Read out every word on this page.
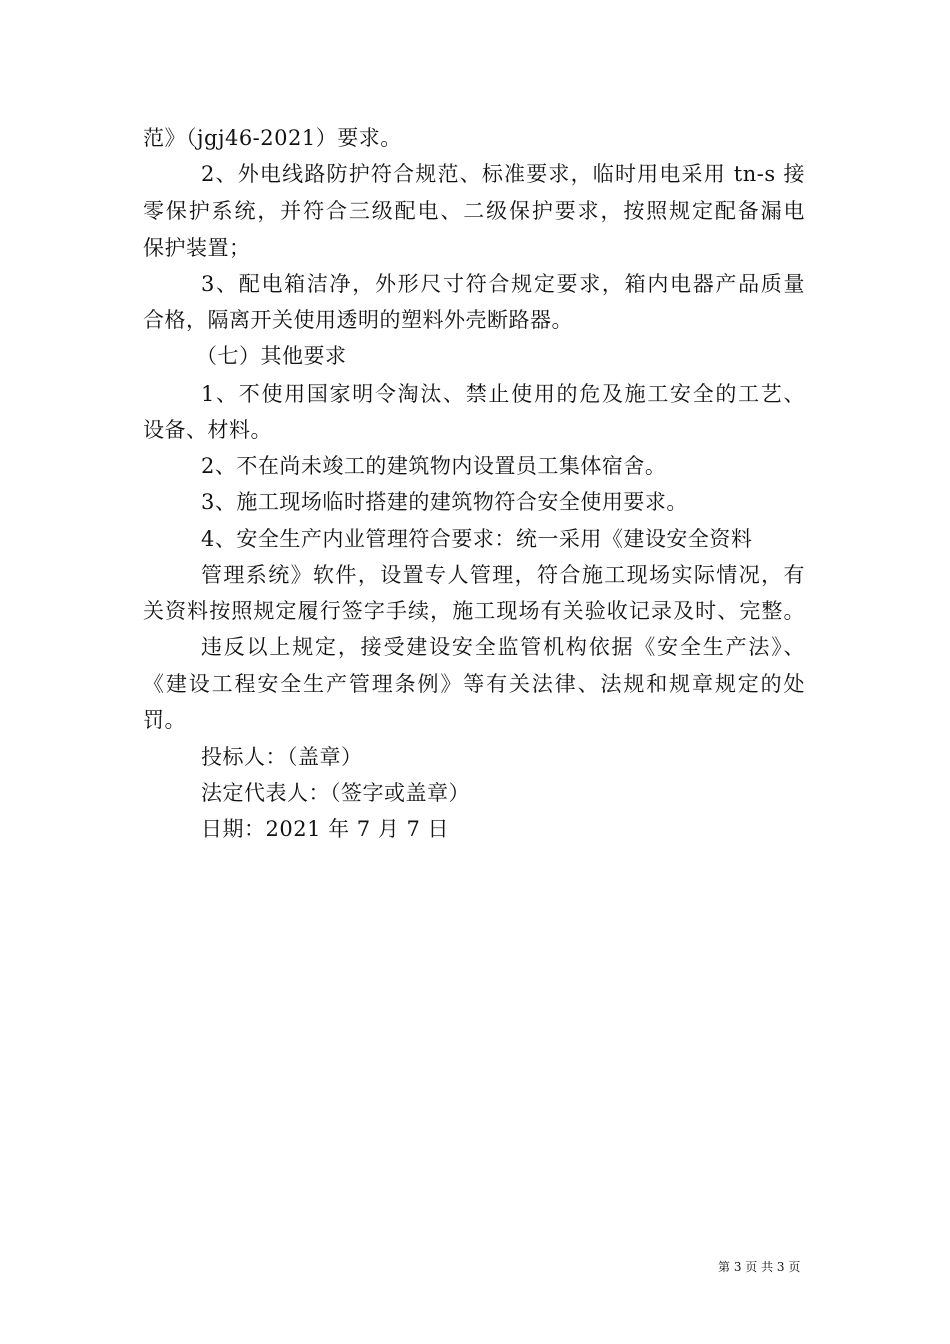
范》（jgj46-2021）要求。
2、外电线路防护符合规范、标准要求，临时用电采用 tn-s 接
零保护系统，并符合三级配电、二级保护要求，按照规定配备漏电
保护装置；
3、配电箱洁净，外形尺寸符合规定要求，箱内电器产品质量
合格，隔离开关使用透明的塑料外壳断路器。
（七）其他要求
1、不使用国家明令淘汰、禁止使用的危及施工安全的工艺、
设备、材料。
2、不在尚未竣工的建筑物内设置员工集体宿舍。
3、施工现场临时搭建的建筑物符合安全使用要求。
4、安全生产内业管理符合要求：统一采用《建设安全资料
管理系统》软件，设置专人管理，符合施工现场实际情况，有
关资料按照规定履行签字手续，施工现场有关验收记录及时、完整。
违反以上规定，接受建设安全监管机构依据《安全生产法》、
《建设工程安全生产管理条例》等有关法律、法规和规章规定的处
罚。
投标人：（盖章）
法定代表人：（签字或盖章）
日期：2021 年 7 月 7 日
第 3 页 共 3 页
